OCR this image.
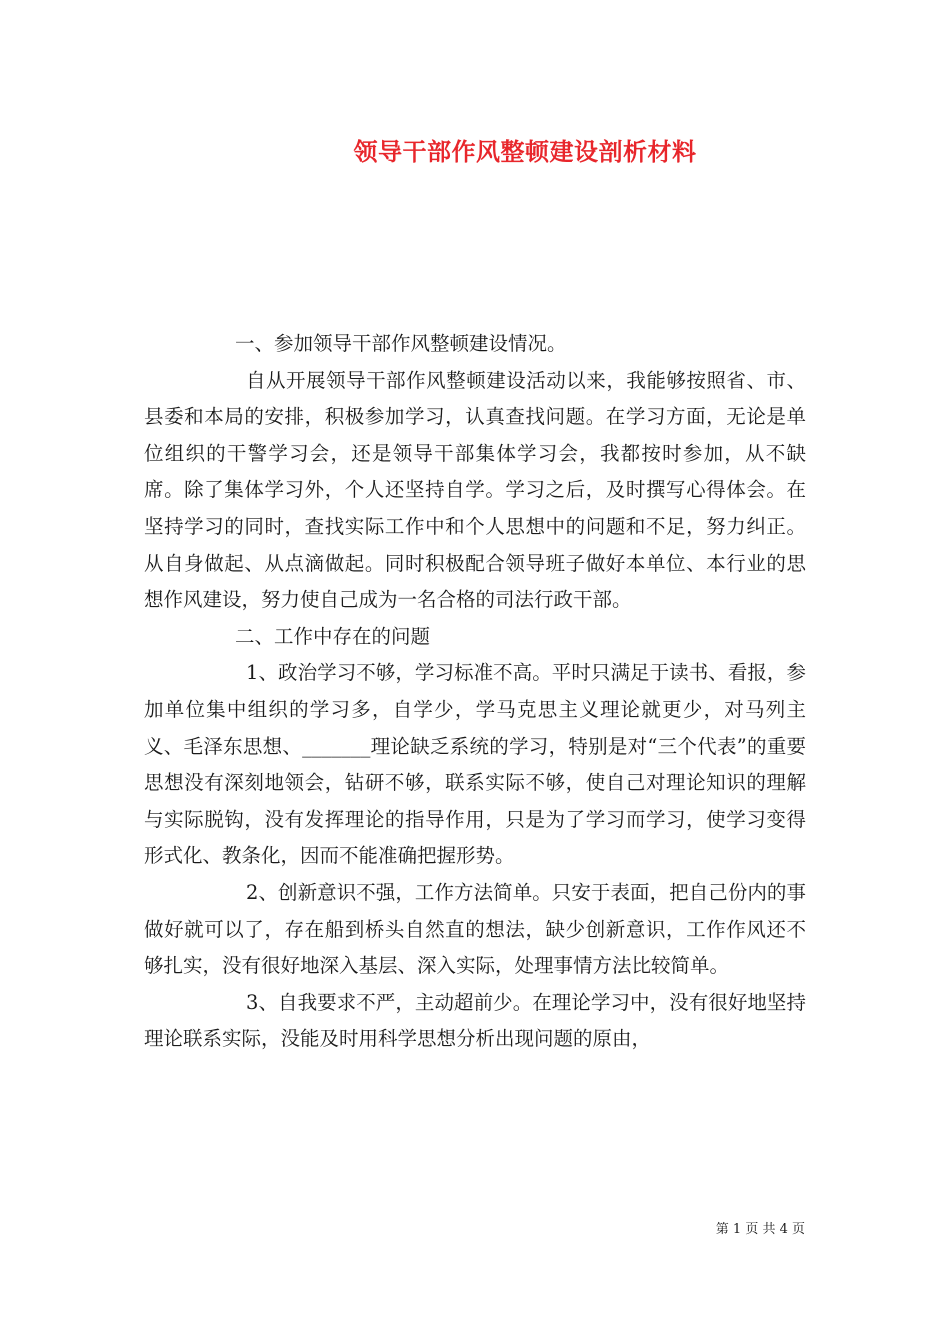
领导干部作风整顿建设剖析材料

一、参加领导干部作风整顿建设情况。

自从开展领导干部作风整顿建设活动以来，我能够按照省、市、县委和本局的安排，积极参加学习，认真查找问题。在学习方面，无论是单位组织的干警学习会，还是领导干部集体学习会，我都按时参加，从不缺席。除了集体学习外，个人还坚持自学。学习之后，及时撰写心得体会。在坚持学习的同时，查找实际工作中和个人思想中的问题和不足，努力纠正。从自身做起、从点滴做起。同时积极配合领导班子做好本单位、本行业的思想作风建设，努力使自己成为一名合格的司法行政干部。

二、工作中存在的问题

1、政治学习不够，学习标准不高。平时只满足于读书、看报，参加单位集中组织的学习多，自学少，学马克思主义理论就更少，对马列主义、毛泽东思想、_______理论缺乏系统的学习，特别是对“三个代表”的重要思想没有深刻地领会，钻研不够，联系实际不够，使自己对理论知识的理解与实际脱钩，没有发挥理论的指导作用，只是为了学习而学习，使学习变得形式化、教条化，因而不能准确把握形势。

2、创新意识不强，工作方法简单。只安于表面，把自己份内的事做好就可以了，存在船到桥头自然直的想法，缺少创新意识，工作作风还不够扎实，没有很好地深入基层、深入实际，处理事情方法比较简单。

3、自我要求不严，主动超前少。在理论学习中，没有很好地坚持理论联系实际，没能及时用科学思想分析出现问题的原由，

第 1 页 共 4 页
